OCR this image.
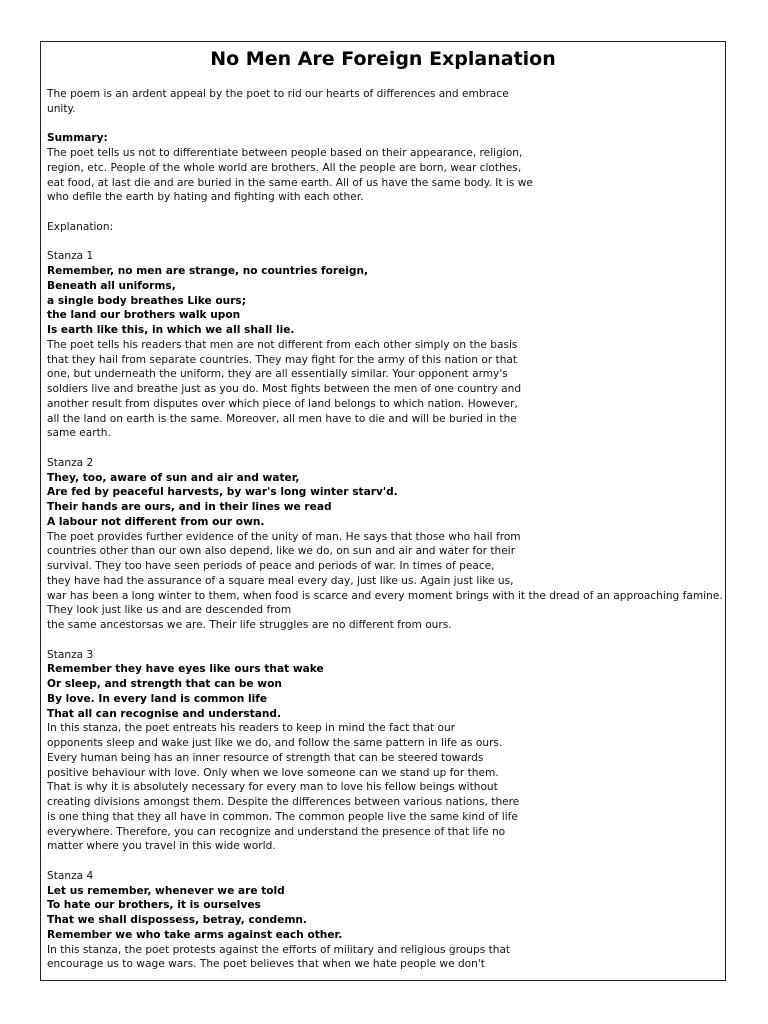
No Men Are Foreign Explanation
The poem is an ardent appeal by the poet to rid our hearts of differences and embrace
unity.
Summary:
The poet tells us not to differentiate between people based on their appearance, religion,
region, etc. People of the whole world are brothers. All the people are born, wear clothes,
eat food, at last die and are buried in the same earth. All of us have the same body. It is we
who defile the earth by hating and fighting with each other.
Explanation:
Stanza 1
Remember, no men are strange, no countries foreign,
Beneath all uniforms,
a single body breathes Like ours;
the land our brothers walk upon
Is earth like this, in which we all shall lie.
The poet tells his readers that men are not different from each other simply on the basis
that they hail from separate countries. They may fight for the army of this nation or that
one, but underneath the uniform, they are all essentially similar. Your opponent army's
soldiers live and breathe just as you do. Most fights between the men of one country and
another result from disputes over which piece of land belongs to which nation. However,
all the land on earth is the same. Moreover, all men have to die and will be buried in the
same earth.
Stanza 2
They, too, aware of sun and air and water,
Are fed by peaceful harvests, by war's long winter starv'd.
Their hands are ours, and in their lines we read
A labour not different from our own.
The poet provides further evidence of the unity of man. He says that those who hail from
countries other than our own also depend, like we do, on sun and air and water for their
survival. They too have seen periods of peace and periods of war. In times of peace,
they have had the assurance of a square meal every day, just like us. Again just like us,
war has been a long winter to them, when food is scarce and every moment brings with it the dread of an approaching famine.
They look just like us and are descended from
the same ancestorsas we are. Their life struggles are no different from ours.
Stanza 3
Remember they have eyes like ours that wake
Or sleep, and strength that can be won
By love. In every land is common life
That all can recognise and understand.
In this stanza, the poet entreats his readers to keep in mind the fact that our
opponents sleep and wake just like we do, and follow the same pattern in life as ours.
Every human being has an inner resource of strength that can be steered towards
positive behaviour with love. Only when we love someone can we stand up for them.
That is why it is absolutely necessary for every man to love his fellow beings without
creating divisions amongst them. Despite the differences between various nations, there
is one thing that they all have in common. The common people live the same kind of life
everywhere. Therefore, you can recognize and understand the presence of that life no
matter where you travel in this wide world.
Stanza 4
Let us remember, whenever we are told
To hate our brothers, it is ourselves
That we shall dispossess, betray, condemn.
Remember we who take arms against each other.
In this stanza, the poet protests against the efforts of military and religious groups that
encourage us to wage wars. The poet believes that when we hate people we don't
